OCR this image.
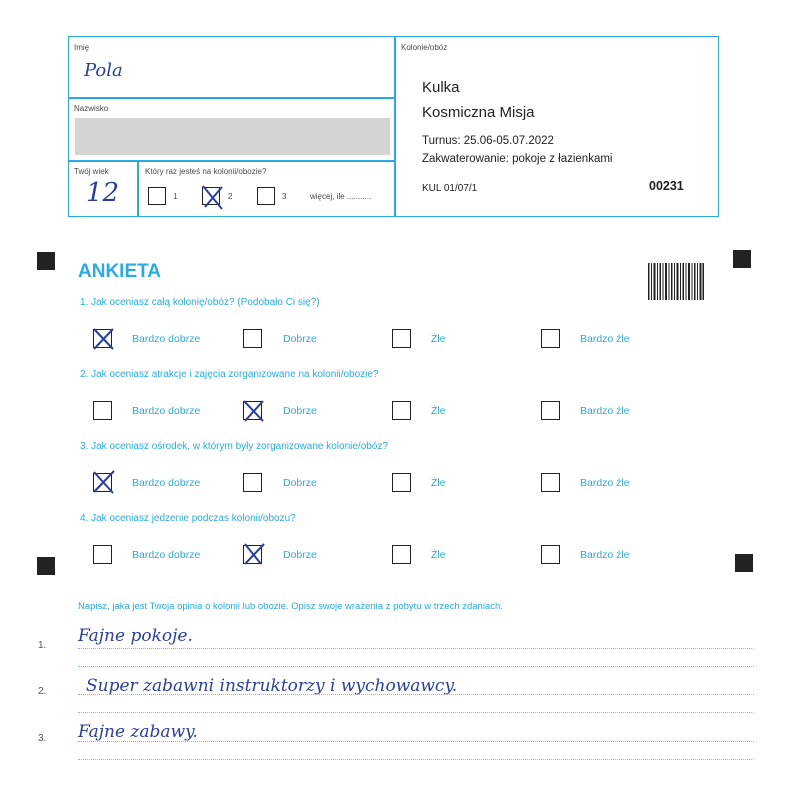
Imię
Pola
Nazwisko
Twój wiek
12
Który raz jesteś na kolonii/obozie?
1	2	3	więcej, ile ...........
Kolonie/obóz
Kulka
Kosmiczna Misja
Turnus: 25.06-05.07.2022
Zakwaterowanie: pokoje z łazienkami
KUL 01/07/1	00231
ANKIETA
1. Jak oceniasz całą kolonię/obóz? (Podobało Ci się?)
Bardzo dobrze	Dobrze	Źle	Bardzo źle
2. Jak oceniasz atrakcje i zajęcia zorganizowane na kolonii/obozie?
Bardzo dobrze	Dobrze	Źle	Bardzo źle
3. Jak oceniasz ośrodek, w którym były zorganizowane kolonie/obóz?
Bardzo dobrze	Dobrze	Źle	Bardzo źle
4. Jak oceniasz jedzenie podczas kolonii/obozu?
Bardzo dobrze	Dobrze	Źle	Bardzo źle
Napisz, jaka jest Twoja opinia o kolonii lub obozie. Opisz swoje wrażenia z pobytu w trzech zdaniach.
1. Fajne pokoje.
2. Super zabawni instruktorzy i wychowawcy.
3. Fajne zabawy.
